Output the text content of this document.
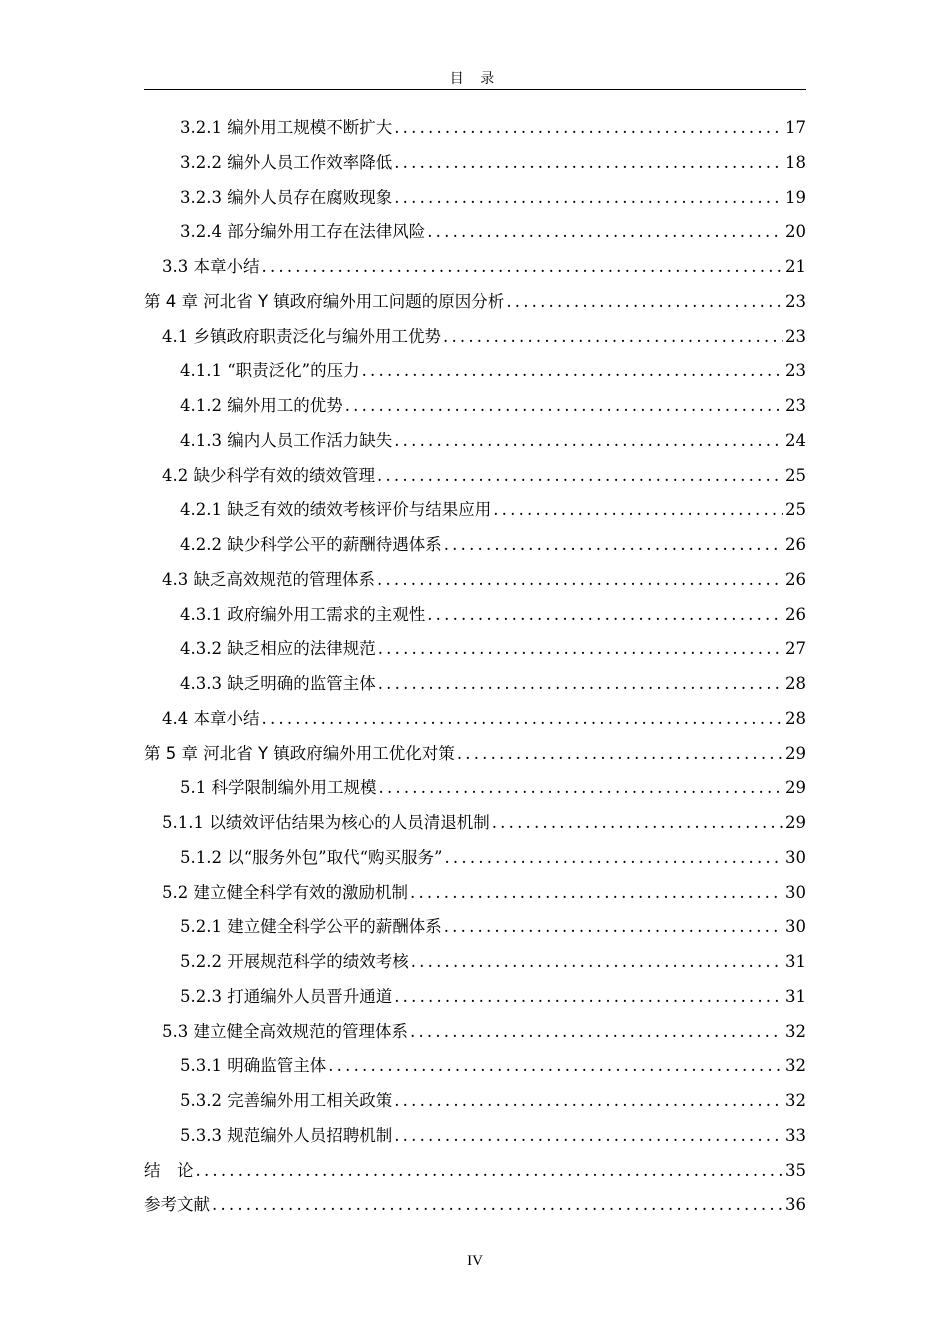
目 录
3.2.1 编外用工规模不断扩大 .....	17
3.2.2 编外人员工作效率降低 .....	18
3.2.3 编外人员存在腐败现象 .....	19
3.2.4 部分编外用工存在法律风险 .....	20
3.3 本章小结 .....	21
第 4 章 河北省 Y 镇政府编外用工问题的原因分析 .....	23
4.1 乡镇政府职责泛化与编外用工优势 .....	23
4.1.1 “职责泛化”的压力 .....	23
4.1.2 编外用工的优势 .....	23
4.1.3 编内人员工作活力缺失 .....	24
4.2 缺少科学有效的绩效管理 .....	25
4.2.1 缺乏有效的绩效考核评价与结果应用 .....	25
4.2.2 缺少科学公平的薪酬待遇体系 .....	26
4.3 缺乏高效规范的管理体系 .....	26
4.3.1 政府编外用工需求的主观性 .....	26
4.3.2 缺乏相应的法律规范 .....	27
4.3.3 缺乏明确的监管主体 .....	28
4.4 本章小结 .....	28
第 5 章 河北省 Y 镇政府编外用工优化对策 .....	29
5.1 科学限制编外用工规模 .....	29
5.1.1 以绩效评估结果为核心的人员清退机制 .....	29
5.1.2 以“服务外包”取代“购买服务” .....	30
5.2 建立健全科学有效的激励机制 .....	30
5.2.1 建立健全科学公平的薪酬体系 .....	30
5.2.2 开展规范科学的绩效考核 .....	31
5.2.3 打通编外人员晋升通道 .....	31
5.3 建立健全高效规范的管理体系 .....	32
5.3.1 明确监管主体 .....	32
5.3.2 完善编外用工相关政策 .....	32
5.3.3 规范编外人员招聘机制 .....	33
结　论 .....	35
参考文献 .....	36
IV
